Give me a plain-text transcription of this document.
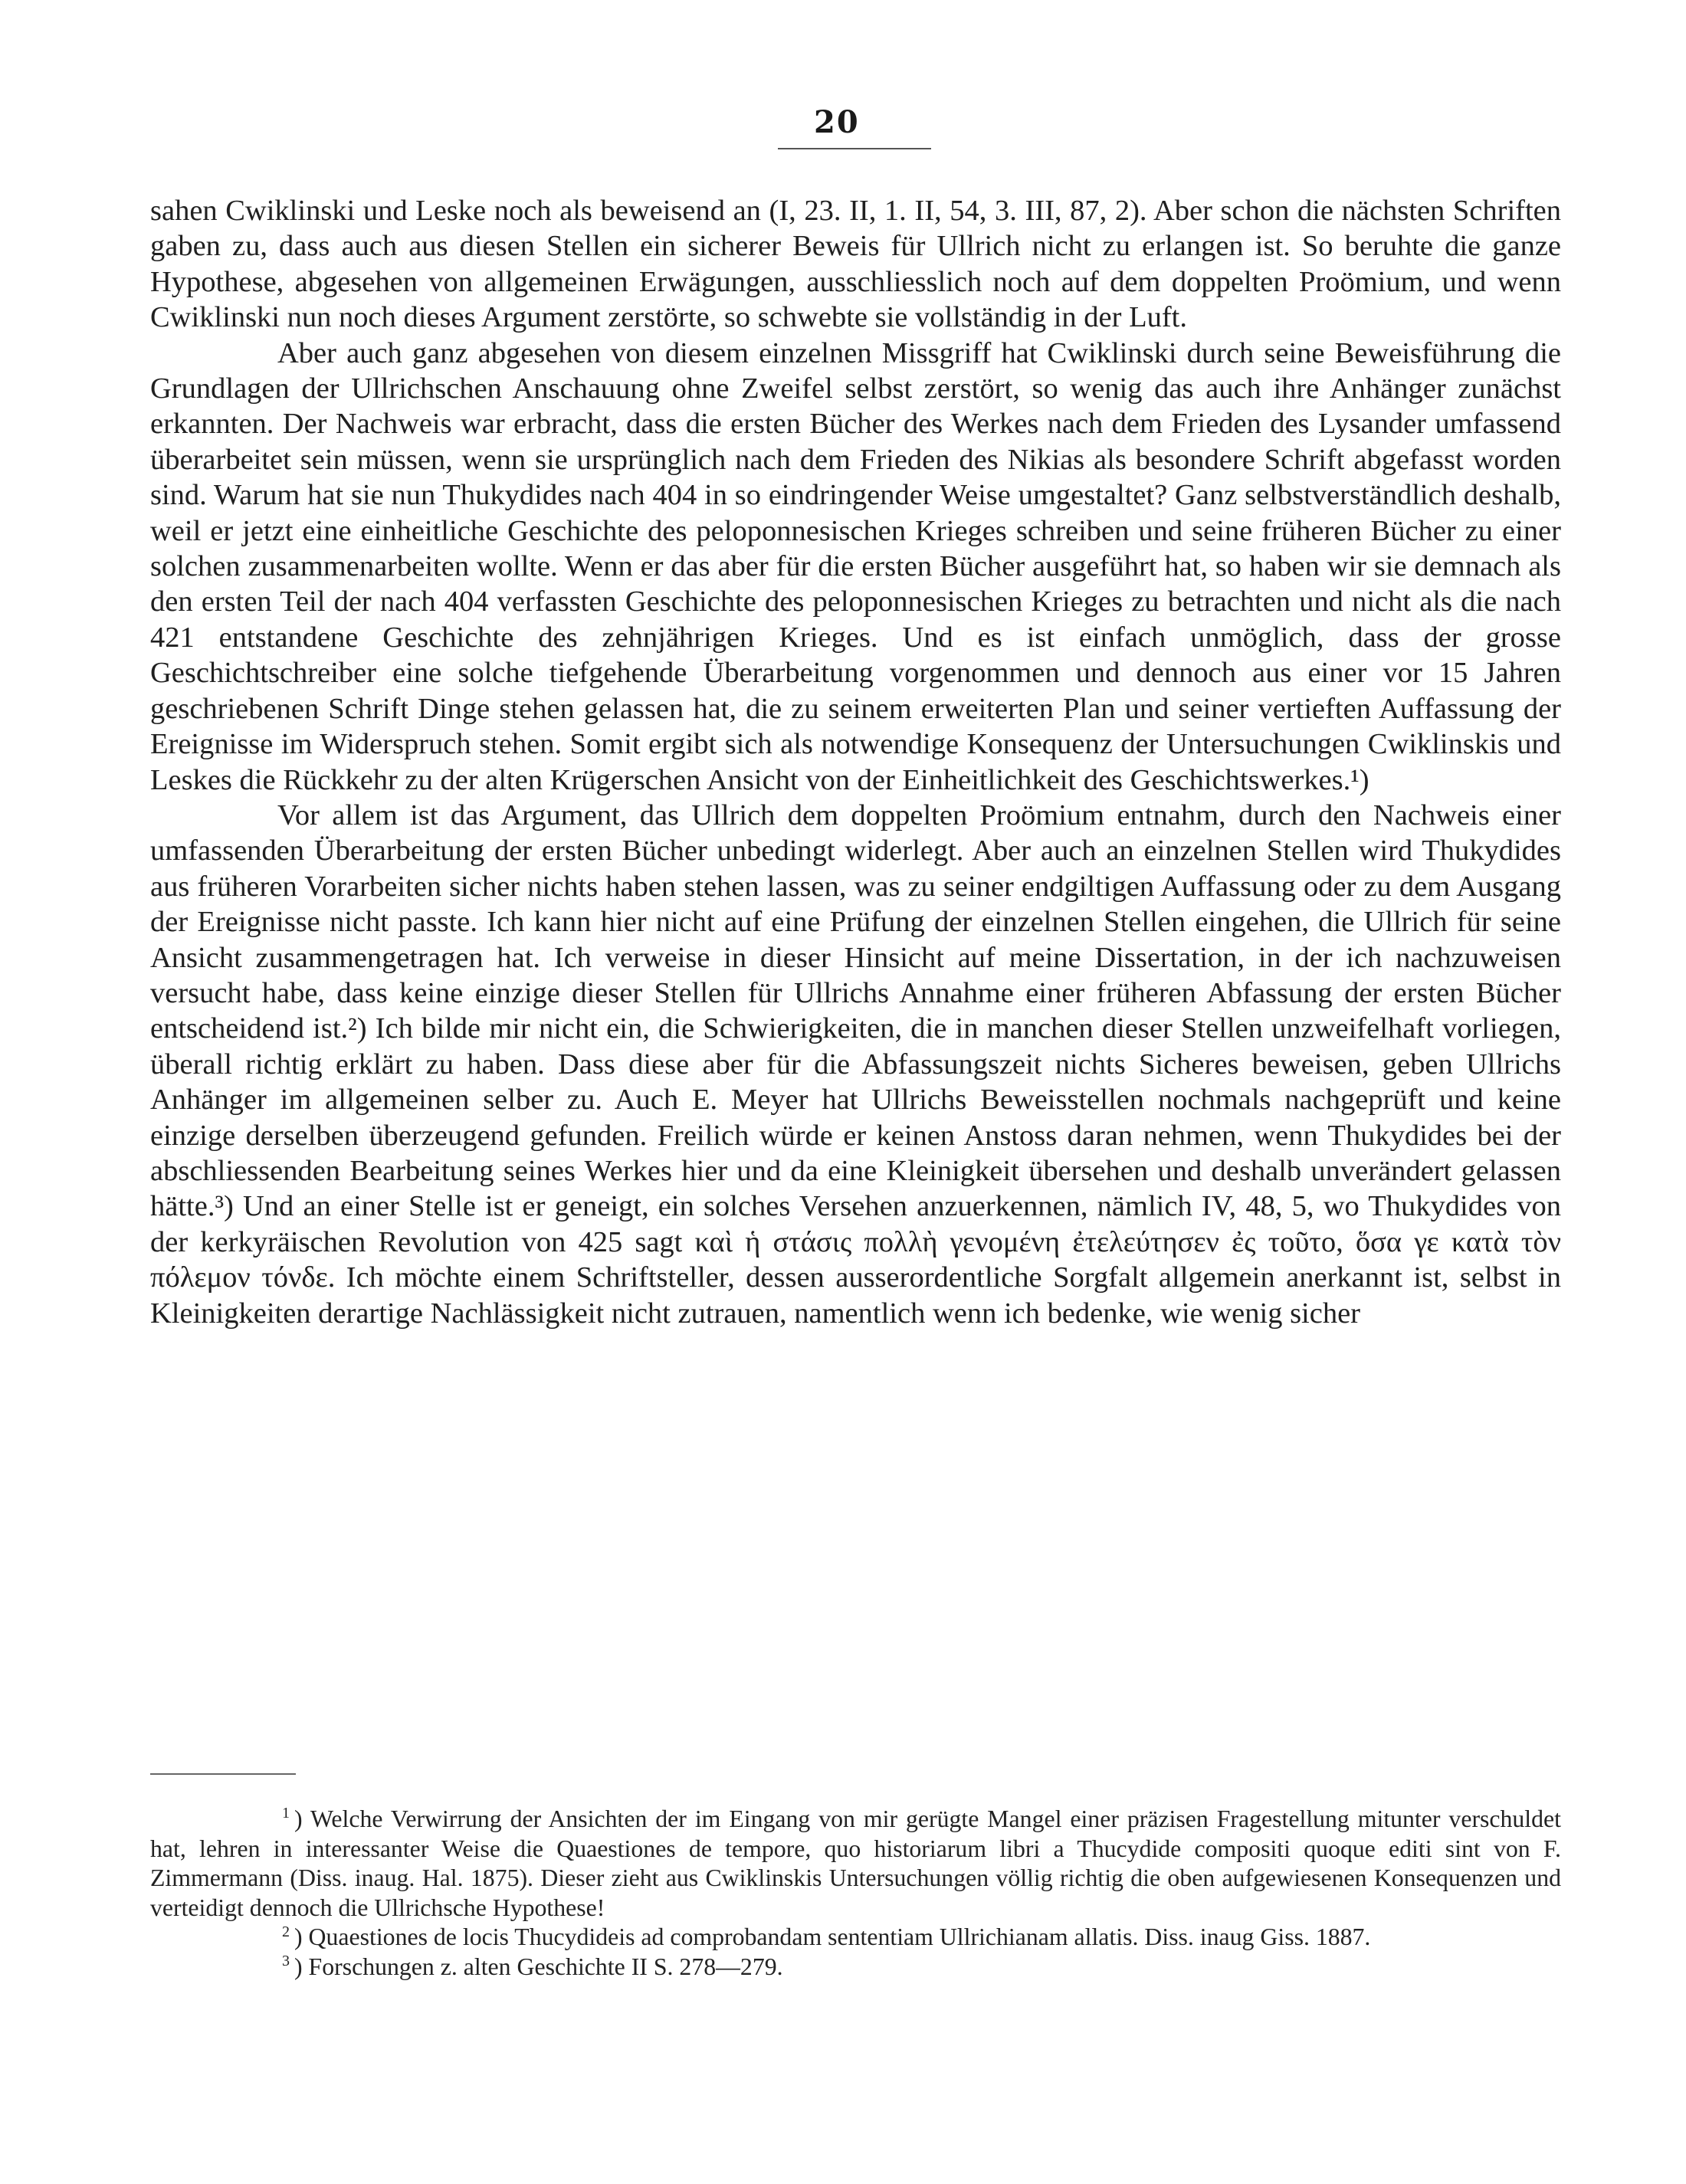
20

sahen Cwiklinski und Leske noch als beweisend an (I, 23. II, 1. II, 54, 3. III, 87, 2). Aber schon die nächsten Schriften gaben zu, dass auch aus diesen Stellen ein sicherer Beweis für Ullrich nicht zu erlangen ist. So beruhte die ganze Hypothese, abgesehen von allgemeinen Erwägungen, ausschliesslich noch auf dem doppelten Proömium, und wenn Cwiklinski nun noch dieses Argument zerstörte, so schwebte sie vollständig in der Luft.

Aber auch ganz abgesehen von diesem einzelnen Missgriff hat Cwiklinski durch seine Beweisführung die Grundlagen der Ullrichschen Anschauung ohne Zweifel selbst zerstört, so wenig das auch ihre Anhänger zunächst erkannten. Der Nachweis war erbracht, dass die ersten Bücher des Werkes nach dem Frieden des Lysander umfassend überarbeitet sein müssen, wenn sie ursprünglich nach dem Frieden des Nikias als besondere Schrift abgefasst worden sind. Warum hat sie nun Thukydides nach 404 in so eindringender Weise umgestaltet? Ganz selbstverständlich deshalb, weil er jetzt eine einheitliche Geschichte des peloponnesischen Krieges schreiben und seine früheren Bücher zu einer solchen zusammenarbeiten wollte. Wenn er das aber für die ersten Bücher ausgeführt hat, so haben wir sie demnach als den ersten Teil der nach 404 verfassten Geschichte des peloponnesischen Krieges zu betrachten und nicht als die nach 421 entstandene Geschichte des zehnjährigen Krieges. Und es ist einfach unmöglich, dass der grosse Geschichtschreiber eine solche tiefgehende Überarbeitung vorgenommen und dennoch aus einer vor 15 Jahren geschriebenen Schrift Dinge stehen gelassen hat, die zu seinem erweiterten Plan und seiner vertieften Auffassung der Ereignisse im Widerspruch stehen. Somit ergibt sich als notwendige Konsequenz der Untersuchungen Cwiklinskis und Leskes die Rückkehr zu der alten Krügerschen Ansicht von der Einheitlichkeit des Geschichtswerkes.¹)

Vor allem ist das Argument, das Ullrich dem doppelten Proömium entnahm, durch den Nachweis einer umfassenden Überarbeitung der ersten Bücher unbedingt widerlegt. Aber auch an einzelnen Stellen wird Thukydides aus früheren Vorarbeiten sicher nichts haben stehen lassen, was zu seiner endgiltigen Auffassung oder zu dem Ausgang der Ereignisse nicht passte. Ich kann hier nicht auf eine Prüfung der einzelnen Stellen eingehen, die Ullrich für seine Ansicht zusammengetragen hat. Ich verweise in dieser Hinsicht auf meine Dissertation, in der ich nachzuweisen versucht habe, dass keine einzige dieser Stellen für Ullrichs Annahme einer früheren Abfassung der ersten Bücher entscheidend ist.²) Ich bilde mir nicht ein, die Schwierigkeiten, die in manchen dieser Stellen unzweifelhaft vorliegen, überall richtig erklärt zu haben. Dass diese aber für die Abfassungszeit nichts Sicheres beweisen, geben Ullrichs Anhänger im allgemeinen selber zu. Auch E. Meyer hat Ullrichs Beweisstellen nochmals nachgeprüft und keine einzige derselben überzeugend gefunden. Freilich würde er keinen Anstoss daran nehmen, wenn Thukydides bei der abschliessenden Bearbeitung seines Werkes hier und da eine Kleinigkeit übersehen und deshalb unverändert gelassen hätte.³) Und an einer Stelle ist er geneigt, ein solches Versehen anzuerkennen, nämlich IV, 48, 5, wo Thukydides von der kerkyräischen Revolution von 425 sagt καὶ ἡ στάσις πολλὴ γενομένη ἐτελεύτησεν ἐς τοῦτο, ὅσα γε κατὰ τὸν πόλεμον τόνδε. Ich möchte einem Schriftsteller, dessen ausserordentliche Sorgfalt allgemein anerkannt ist, selbst in Kleinigkeiten derartige Nachlässigkeit nicht zutrauen, namentlich wenn ich bedenke, wie wenig sicher

$^1$ ) Welche Verwirrung der Ansichten der im Eingang von mir gerügte Mangel einer präzisen Fragestellung mitunter verschuldet hat, lehren in interessanter Weise die Quaestiones de tempore, quo historiarum libri a Thucydide compositi quoque editi sint von F. Zimmermann (Diss. inaug. Hal. 1875). Dieser zieht aus Cwiklinskis Untersuchungen völlig richtig die oben aufgewiesenen Konsequenzen und verteidigt dennoch die Ullrichsche Hypothese!

$^2$ ) Quaestiones de locis Thucydideis ad comprobandam sententiam Ullrichianam allatis. Diss. inaug Giss. 1887.

$^3$ ) Forschungen z. alten Geschichte II S. 278—279.
